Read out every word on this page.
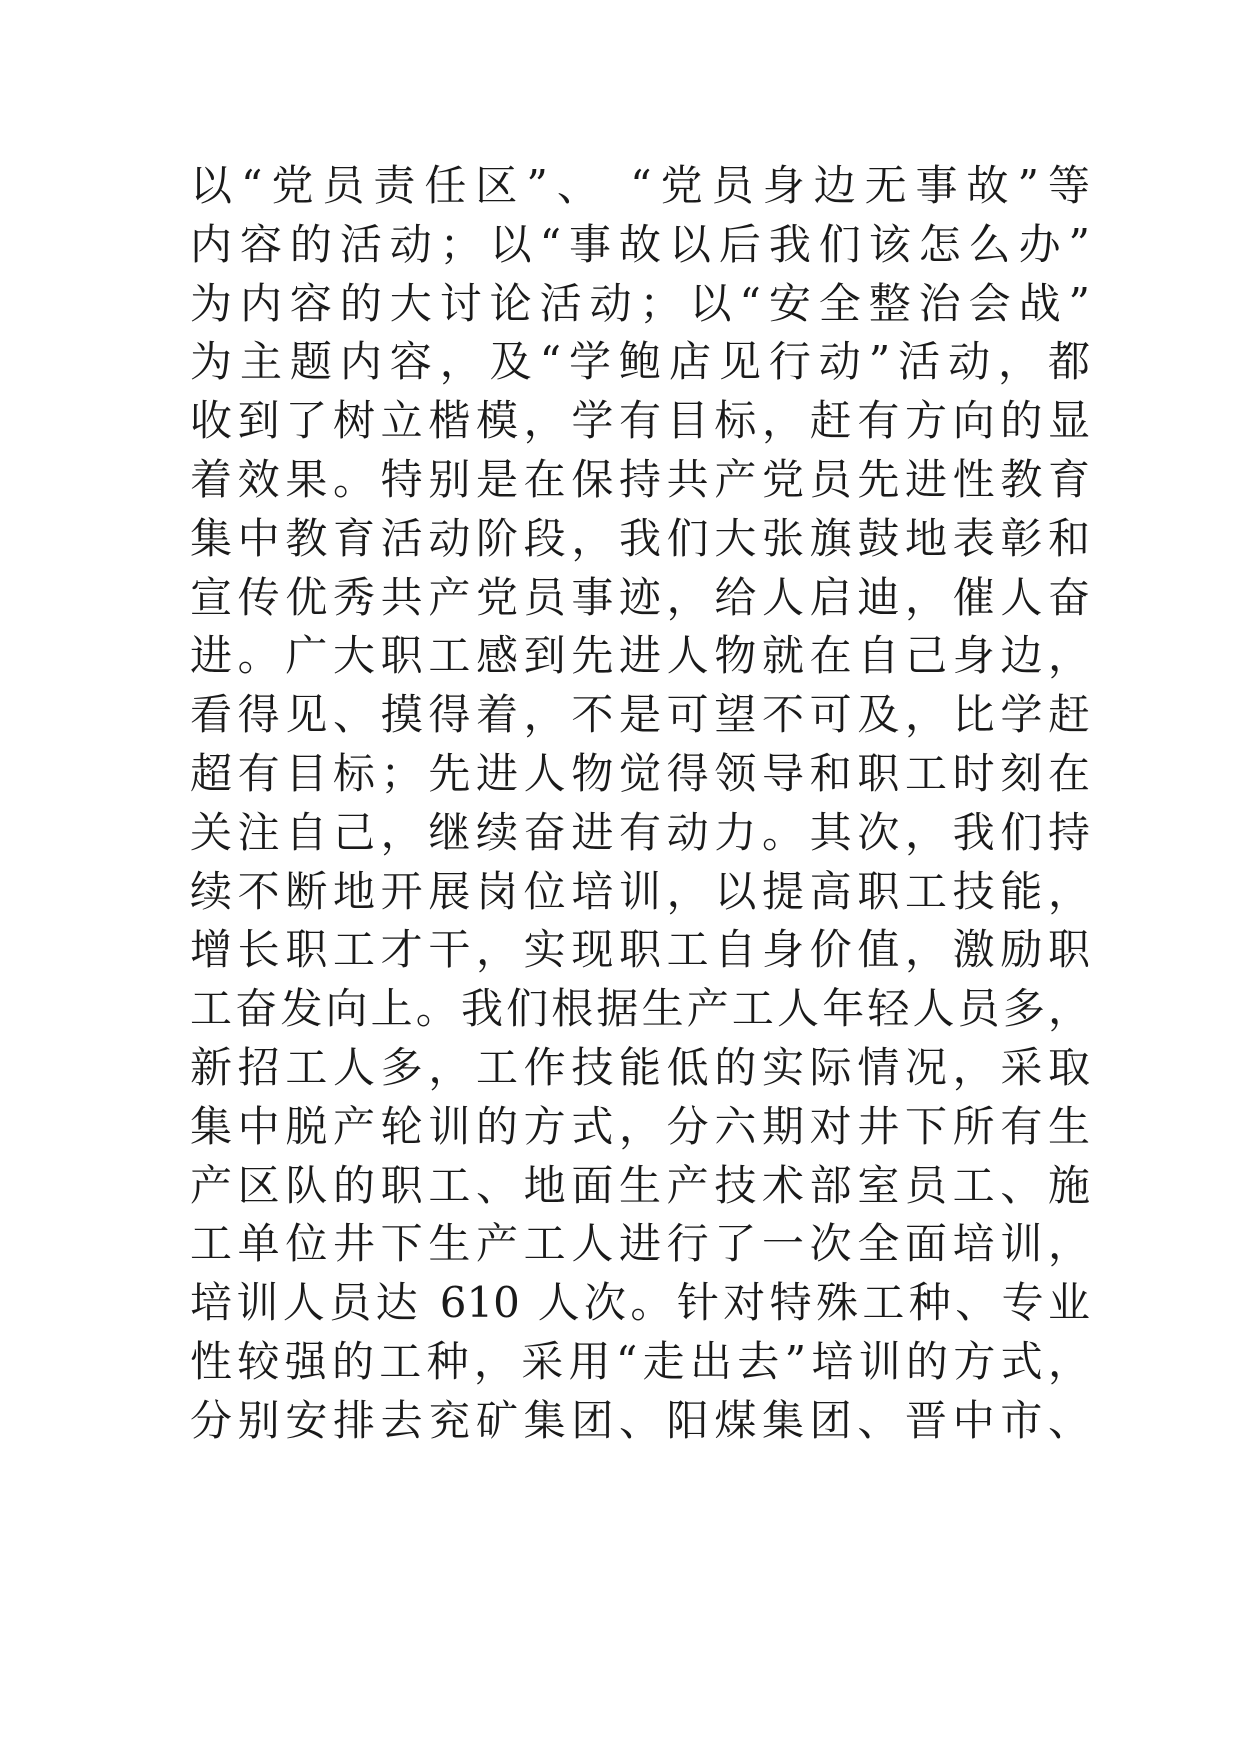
以“党员责任区”、 “党员身边无事故”等
内容的活动；以“事故以后我们该怎么办”
为内容的大讨论活动；以“安全整治会战”
为主题内容，及“学鲍店见行动”活动，都
收到了树立楷模，学有目标，赶有方向的显
着效果。特别是在保持共产党员先进性教育
集中教育活动阶段，我们大张旗鼓地表彰和
宣传优秀共产党员事迹，给人启迪，催人奋
进。广大职工感到先进人物就在自己身边，
看得见、摸得着，不是可望不可及，比学赶
超有目标；先进人物觉得领导和职工时刻在
关注自己，继续奋进有动力。其次，我们持
续不断地开展岗位培训，以提高职工技能，
增长职工才干，实现职工自身价值，激励职
工奋发向上。我们根据生产工人年轻人员多，
新招工人多，工作技能低的实际情况，采取
集中脱产轮训的方式，分六期对井下所有生
产区队的职工、地面生产技术部室员工、施
工单位井下生产工人进行了一次全面培训，
培训人员达 610 人次。针对特殊工种、专业
性较强的工种，采用“走出去”培训的方式，
分别安排去兖矿集团、阳煤集团、晋中市、
